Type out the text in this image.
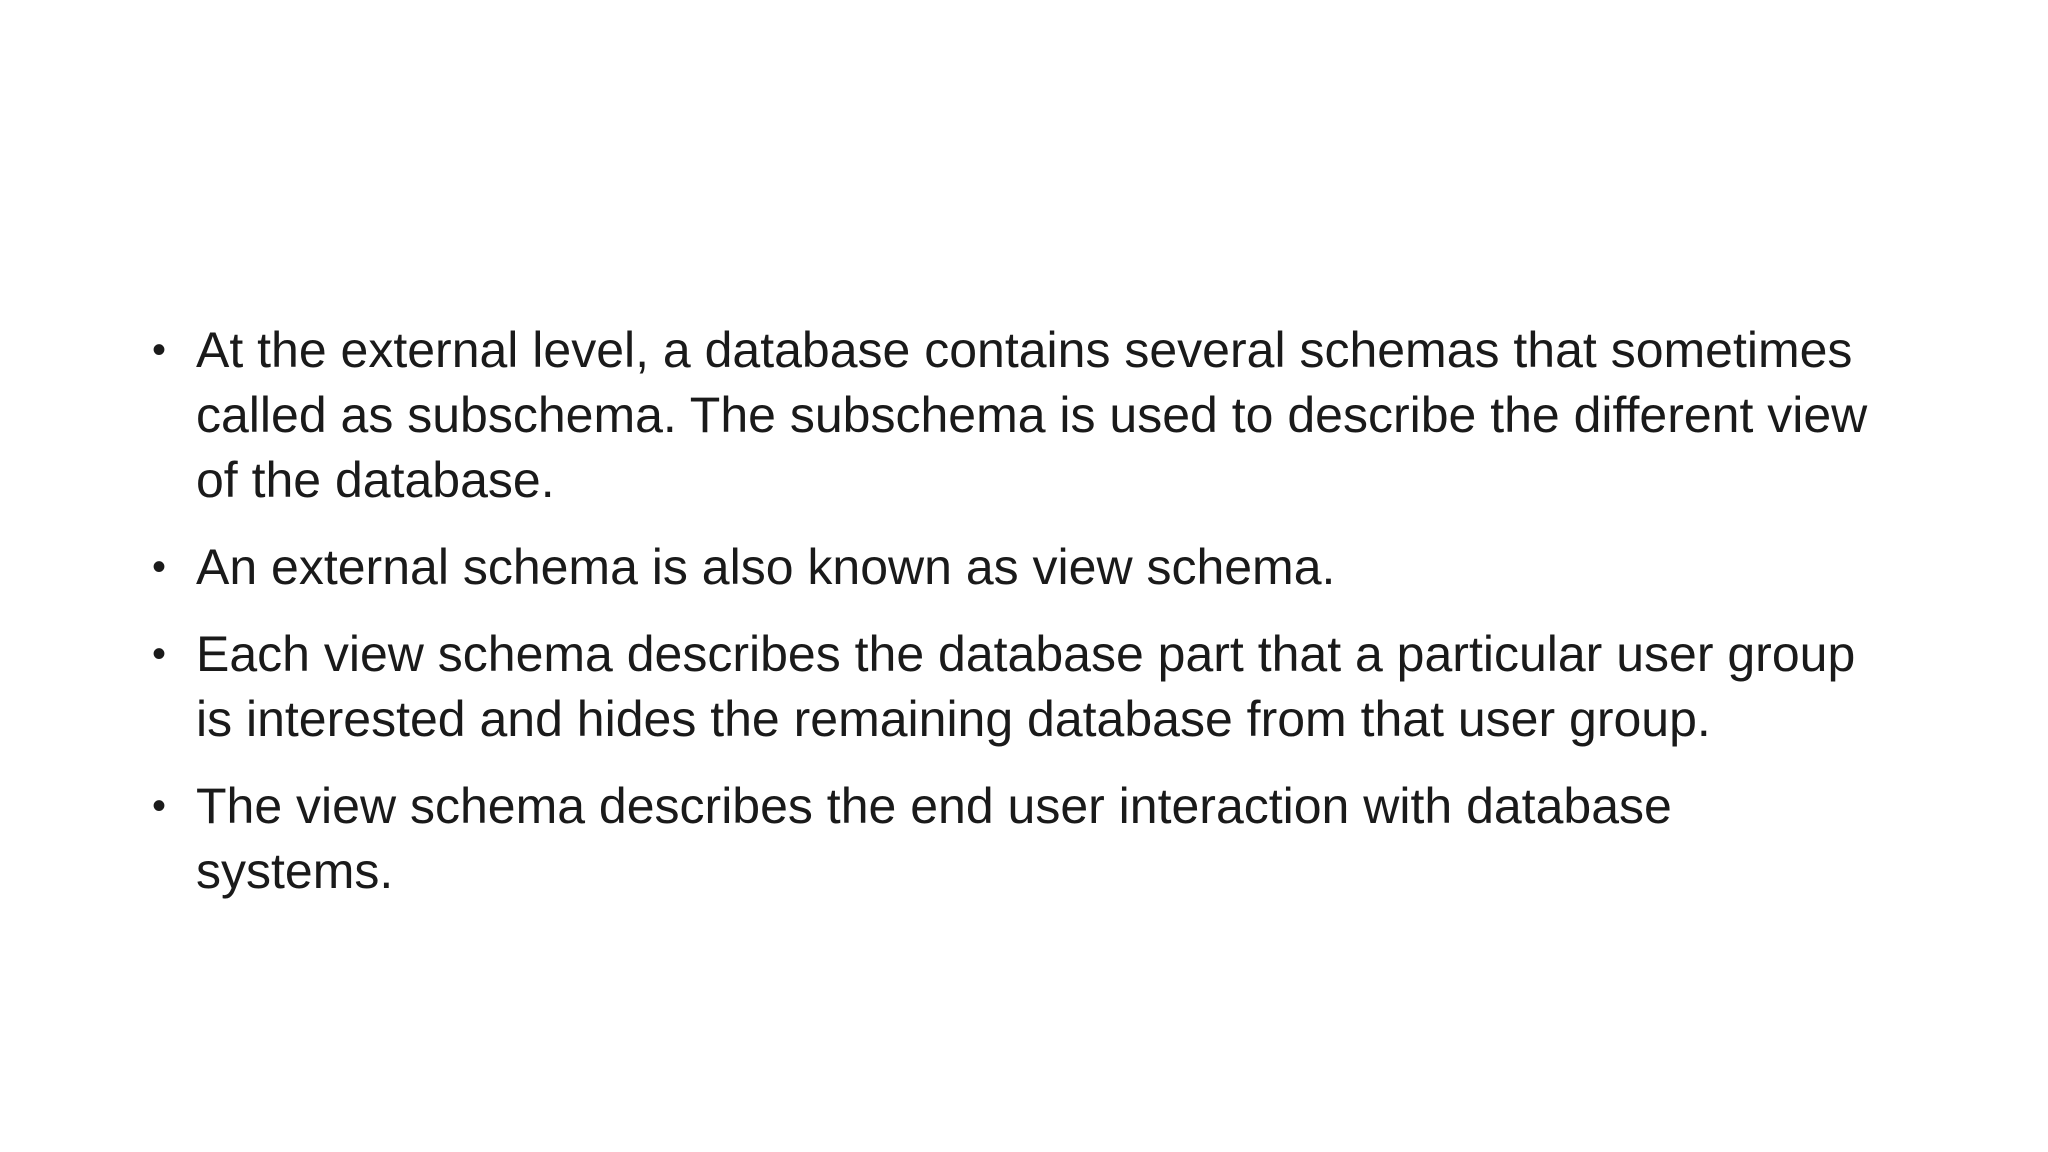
• At the external level, a database contains several schemas that sometimes called as subschema. The subschema is used to describe the different view of the database.
• An external schema is also known as view schema.
• Each view schema describes the database part that a particular user group is interested and hides the remaining database from that user group.
• The view schema describes the end user interaction with database systems.
